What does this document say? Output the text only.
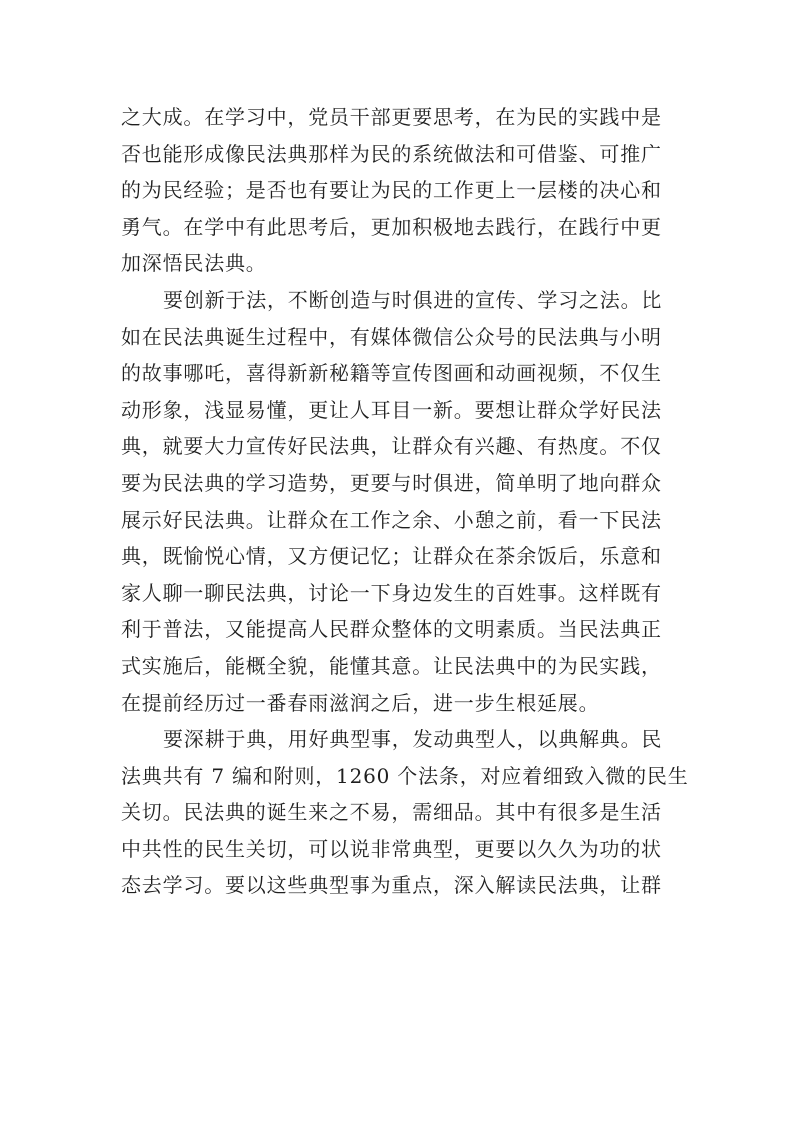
之大成。在学习中，党员干部更要思考，在为民的实践中是
否也能形成像民法典那样为民的系统做法和可借鉴、可推广
的为民经验；是否也有要让为民的工作更上一层楼的决心和
勇气。在学中有此思考后，更加积极地去践行，在践行中更
加深悟民法典。
要创新于法，不断创造与时俱进的宣传、学习之法。比
如在民法典诞生过程中，有媒体微信公众号的民法典与小明
的故事哪吒，喜得新新秘籍等宣传图画和动画视频，不仅生
动形象，浅显易懂，更让人耳目一新。要想让群众学好民法
典，就要大力宣传好民法典，让群众有兴趣、有热度。不仅
要为民法典的学习造势，更要与时俱进，简单明了地向群众
展示好民法典。让群众在工作之余、小憩之前，看一下民法
典，既愉悦心情，又方便记忆；让群众在茶余饭后，乐意和
家人聊一聊民法典，讨论一下身边发生的百姓事。这样既有
利于普法，又能提高人民群众整体的文明素质。当民法典正
式实施后，能概全貌，能懂其意。让民法典中的为民实践，
在提前经历过一番春雨滋润之后，进一步生根延展。
要深耕于典，用好典型事，发动典型人，以典解典。民
法典共有 7 编和附则，1260 个法条，对应着细致入微的民生
关切。民法典的诞生来之不易，需细品。其中有很多是生活
中共性的民生关切，可以说非常典型，更要以久久为功的状
态去学习。要以这些典型事为重点，深入解读民法典，让群
